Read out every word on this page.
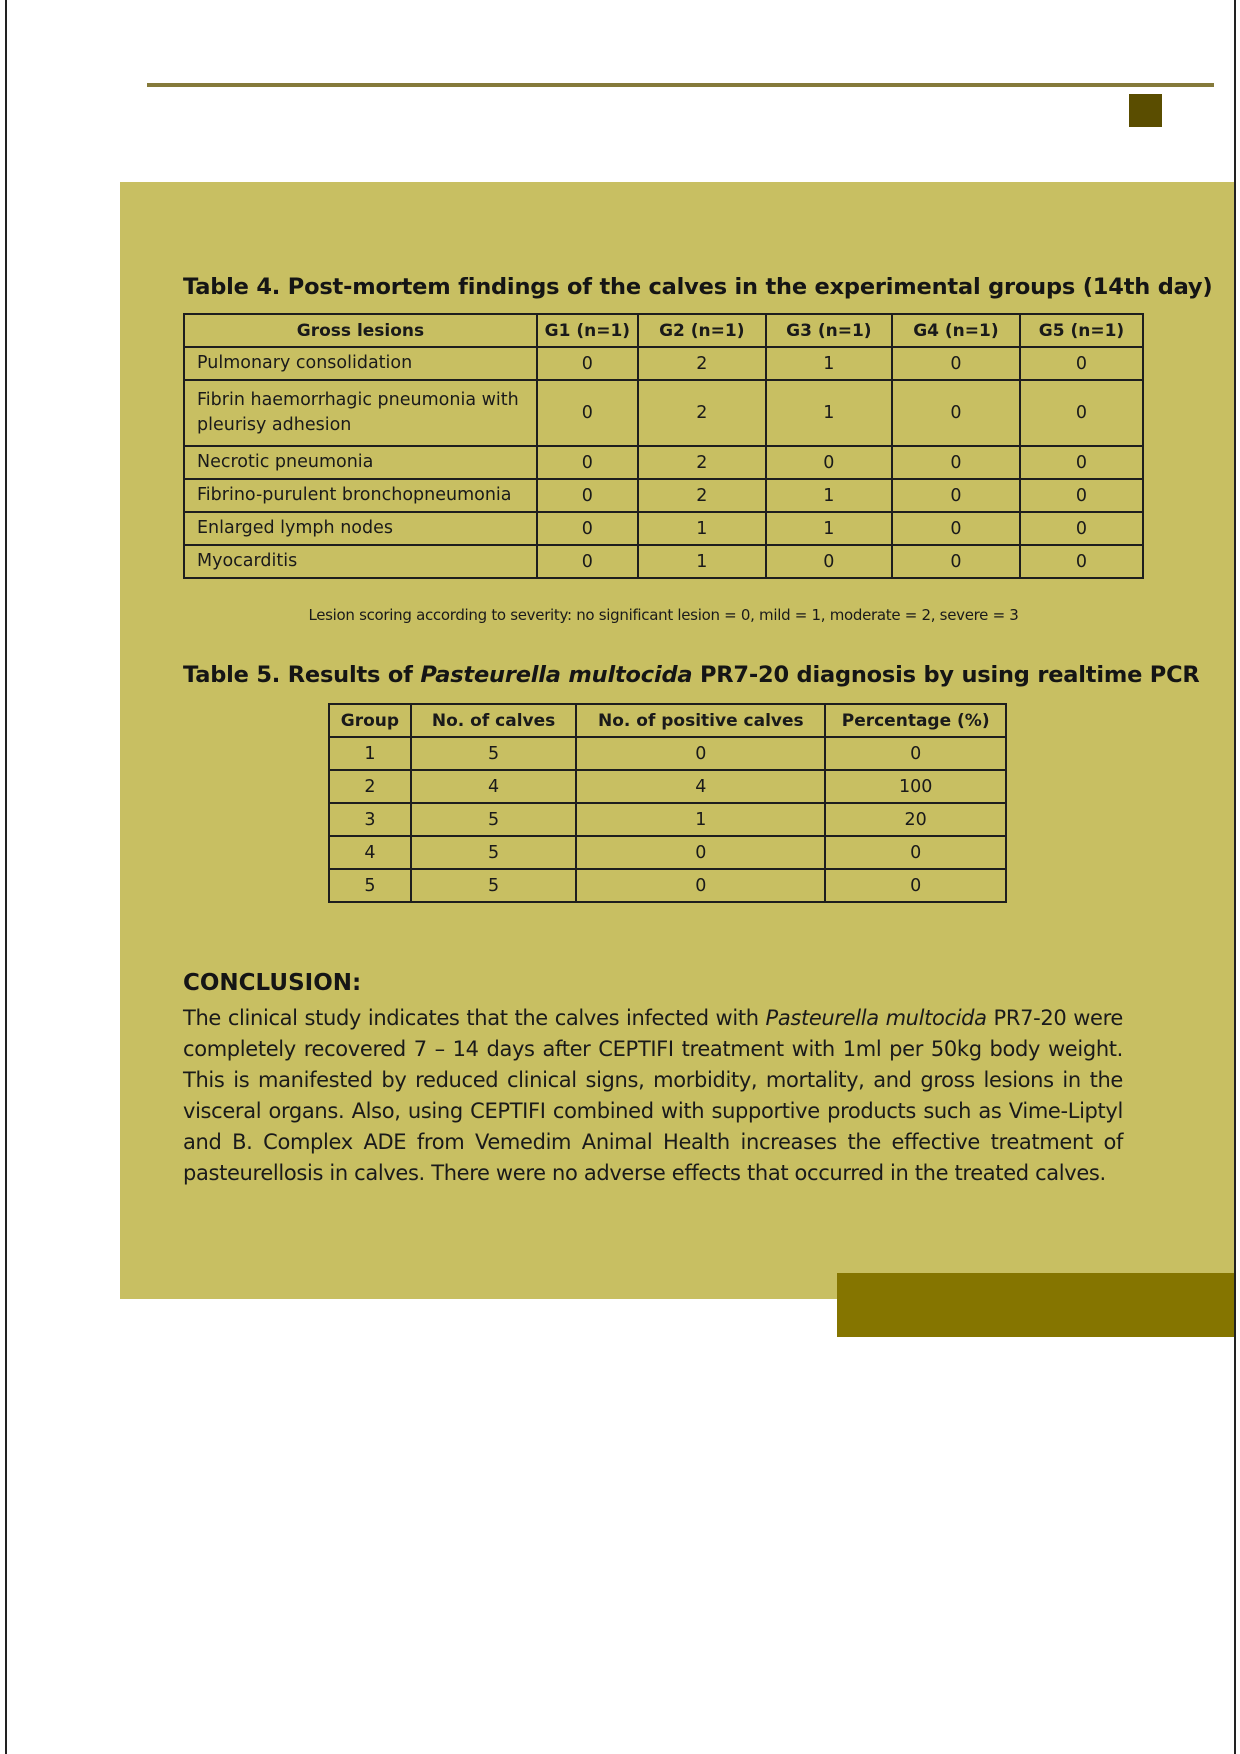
Table 4. Post-mortem findings of the calves in the experimental groups (14th day)
Gross lesions	G1 (n=1)	G2 (n=1)	G3 (n=1)	G4 (n=1)	G5 (n=1)
Pulmonary consolidation	0	2	1	0	0
Fibrin haemorrhagic pneumonia with pleurisy adhesion	0	2	1	0	0
Necrotic pneumonia	0	2	0	0	0
Fibrino-purulent bronchopneumonia	0	2	1	0	0
Enlarged lymph nodes	0	1	1	0	0
Myocarditis	0	1	0	0	0
Lesion scoring according to severity: no significant lesion = 0, mild = 1, moderate = 2, severe = 3
Table 5. Results of Pasteurella multocida PR7-20 diagnosis by using realtime PCR
Group	No. of calves	No. of positive calves	Percentage (%)
1	5	0	0
2	4	4	100
3	5	1	20
4	5	0	0
5	5	0	0
CONCLUSION:
The clinical study indicates that the calves infected with Pasteurella multocida PR7-20 were completely recovered 7 – 14 days after CEPTIFI treatment with 1ml per 50kg body weight. This is manifested by reduced clinical signs, morbidity, mortality, and gross lesions in the visceral organs. Also, using CEPTIFI combined with supportive products such as Vime-Liptyl and B. Complex ADE from Vemedim Animal Health increases the effective treatment of pasteurellosis in calves. There were no adverse effects that occurred in the treated calves.
